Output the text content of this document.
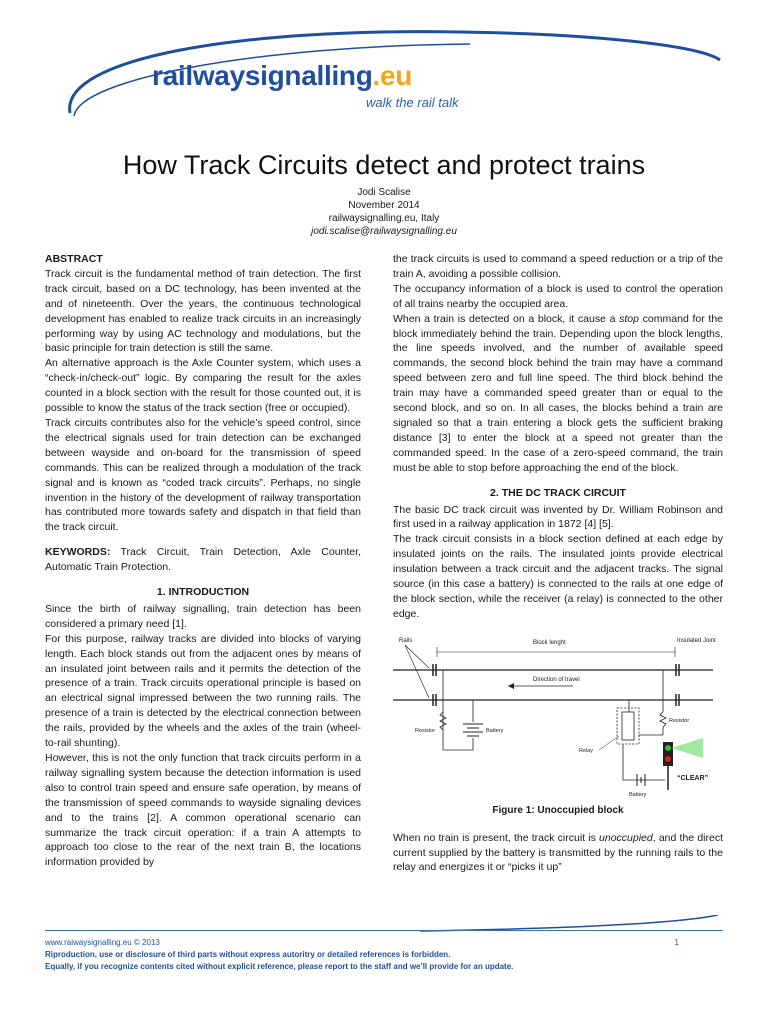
railwaysignalling.eu
walk the rail talk
How Track Circuits detect and protect trains
Jodi Scalise
November 2014
railwaysignalling.eu, Italy
jodi.scalise@railwaysignalling.eu
ABSTRACT

Track circuit is the fundamental method of train detection. The first track circuit, based on a DC technology, has been invented at the and of nineteenth. Over the years, the continuous technological development has enabled to realize track circuits in an increasingly performing way by using AC technology and modulations, but the basic principle for train detection is still the same.

An alternative approach is the Axle Counter system, which uses a “check-in/check-out” logic. By comparing the result for the axles counted in a block section with the result for those counted out, it is possible to know the status of the track section (free or occupied).

Track circuits contributes also for the vehicle’s speed control, since the electrical signals used for train detection can be exchanged between wayside and on-board for the transmission of speed commands. This can be realized through a modulation of the track signal and is known as “coded track circuits”. Perhaps, no single invention in the history of the development of railway transportation has contributed more towards safety and dispatch in that field than the track circuit.

KEYWORDS: Track Circuit, Train Detection, Axle Counter, Automatic Train Protection.

1. INTRODUCTION

Since the birth of railway signalling, train detection has been considered a primary need [1].

For this purpose, railway tracks are divided into blocks of varying length. Each block stands out from the adjacent ones by means of an insulated joint between rails and it permits the detection of the presence of a train. Track circuits operational principle is based on an electrical signal impressed between the two running rails. The presence of a train is detected by the electrical connection between the rails, provided by the wheels and the axles of the train (wheel-to-rail shunting).

However, this is not the only function that track circuits perform in a railway signalling system because the detection information is used also to control train speed and ensure safe operation, by means of the transmission of speed commands to wayside signaling devices and to the trains [2]. A common operational scenario can summarize the track circuit operation: if a train A attempts to approach too close to the rear of the next train B, the locations information provided by

the track circuits is used to command a speed reduction or a trip of the train A, avoiding a possible collision.

The occupancy information of a block is used to control the operation of all trains nearby the occupied area.

When a train is detected on a block, it cause a stop command for the block immediately behind the train. Depending upon the block lengths, the line speeds involved, and the number of available speed commands, the second block behind the train may have a command speed between zero and full line speed. The third block behind the train may have a commanded speed greater than or equal to the second block, and so on. In all cases, the blocks behind a train are signaled so that a train entering a block gets the sufficient braking distance [3] to enter the block at a speed not greater than the commanded speed. In the case of a zero-speed command, the train must be able to stop before approaching the end of the block.

2. THE DC TRACK CIRCUIT

The basic DC track circuit was invented by Dr. William Robinson and first used in a railway application in 1872 [4] [5].

The track circuit consists in a block section defined at each edge by insulated joints on the rails. The insulated joints provide electrical insulation between a track circuit and the adjacent tracks. The signal source (in this case a battery) is connected to the rails at one edge of the block section, while the receiver (a relay) is connected to the other edge.

Rails	Block lenght	Insulated Joint
Direction of travel
Resistor	Battery
Resistor
Relay
Battery
“CLEAR”
Figure 1: Unoccupied block

When no train is present, the track circuit is unoccupied, and the direct current supplied by the battery is transmitted by the running rails to the relay and energizes it or “picks it up”

www.raiwaysignalling.eu © 2013	1
Riproduction, use or disclosure of third parts without express autoritry or detailed references is forbidden.
Equally, if you recognize contents cited without explicit reference, please report to the staff and we’ll provide for an update.
